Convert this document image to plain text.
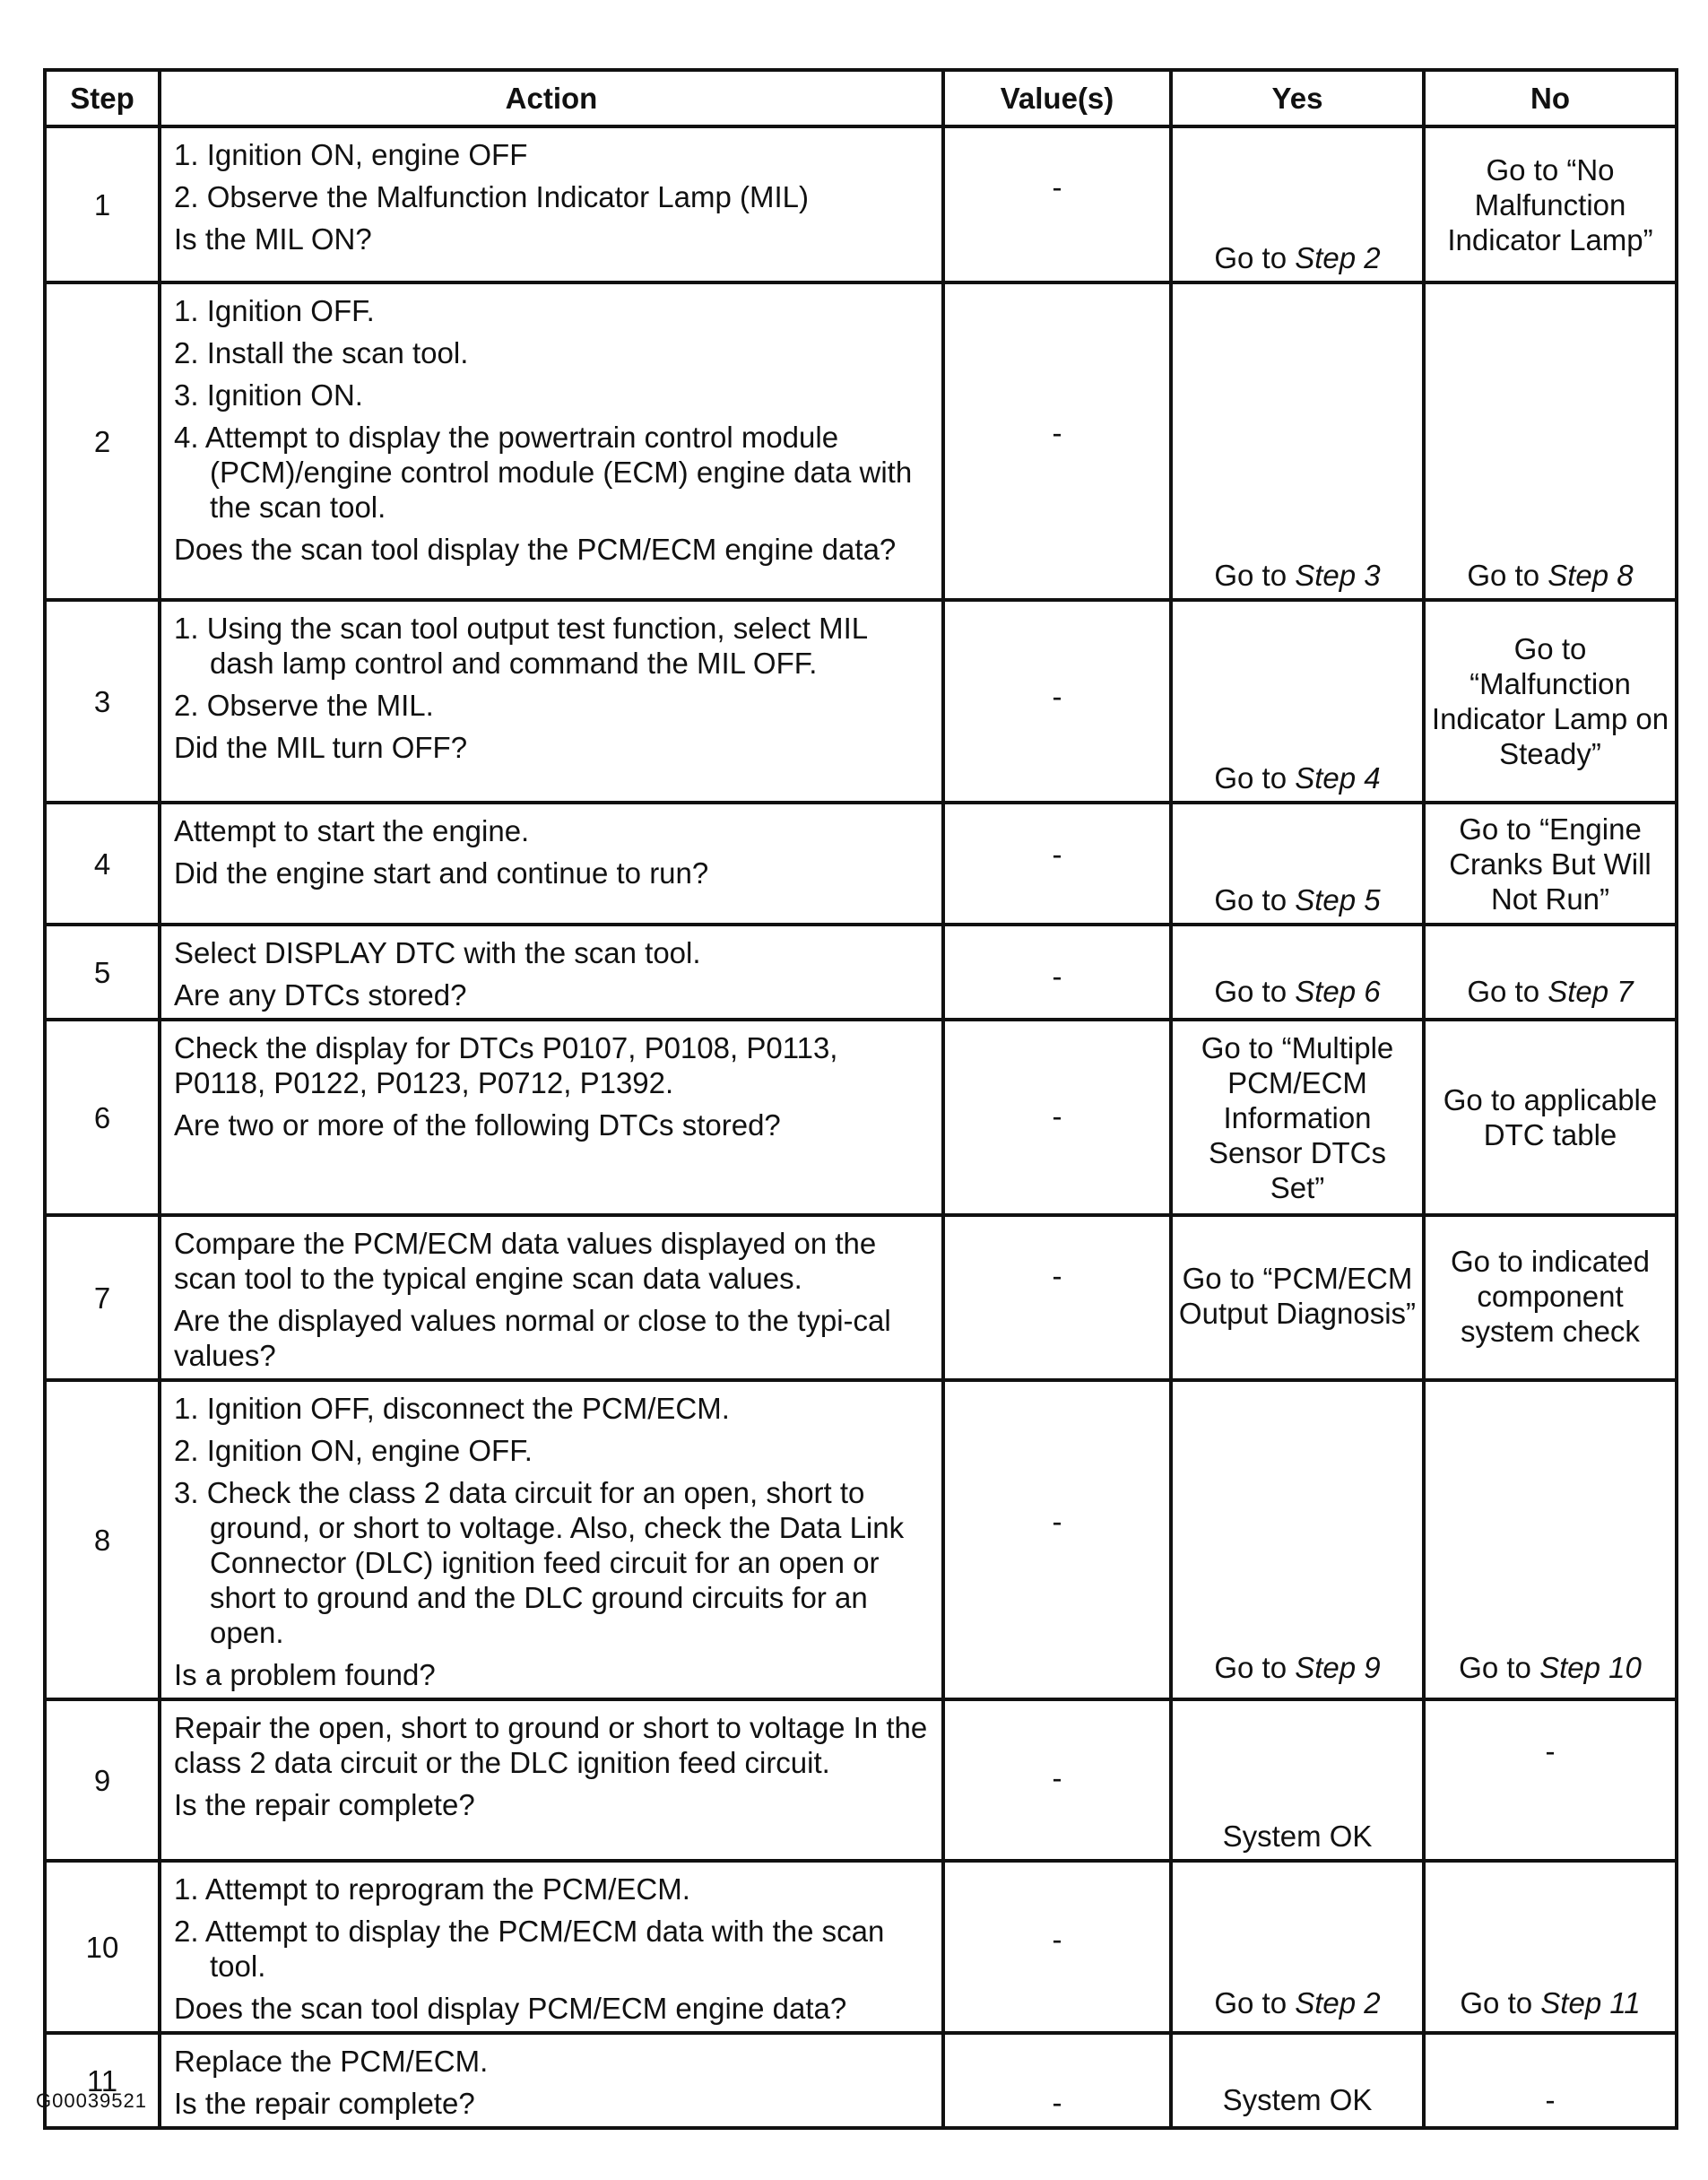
Step	Action	Value(s)	Yes	No
1	1. Ignition ON, engine OFF
2. Observe the Malfunction Indicator Lamp (MIL)
Is the MIL ON?	-	Go to Step 2	Go to “No Malfunction Indicator Lamp”

2	1. Ignition OFF.
2. Install the scan tool.
3. Ignition ON.
4. Attempt to display the powertrain control module (PCM)/engine control module (ECM) engine data with the scan tool.
Does the scan tool display the PCM/ECM engine data?	-	Go to Step 3	Go to Step 8

3	1. Using the scan tool output test function, select MIL dash lamp control and command the MIL OFF.
2. Observe the MIL.
Did the MIL turn OFF?	-	Go to Step 4	Go to “Malfunction Indicator Lamp on Steady”

4	Attempt to start the engine.
Did the engine start and continue to run?	-	Go to Step 5	Go to “Engine Cranks But Will Not Run”

5	Select DISPLAY DTC with the scan tool.
Are any DTCs stored?	-	Go to Step 6	Go to Step 7

6	Check the display for DTCs P0107, P0108, P0113, P0118, P0122, P0123, P0712, P1392.
Are two or more of the following DTCs stored?	-	Go to “Multiple PCM/ECM Information Sensor DTCs Set”	Go to applicable DTC table

7	Compare the PCM/ECM data values displayed on the scan tool to the typical engine scan data values.
Are the displayed values normal or close to the typi-cal values?	-	Go to “PCM/ECM Output Diagnosis”	Go to indicated component system check

8	1. Ignition OFF, disconnect the PCM/ECM.
2. Ignition ON, engine OFF.
3. Check the class 2 data circuit for an open, short to ground, or short to voltage. Also, check the Data Link Connector (DLC) ignition feed circuit for an open or short to ground and the DLC ground circuits for an open.
Is a problem found?	-	Go to Step 9	Go to Step 10

9	Repair the open, short to ground or short to voltage In the class 2 data circuit or the DLC ignition feed circuit.
Is the repair complete?	-	System OK	-

10	1. Attempt to reprogram the PCM/ECM.
2. Attempt to display the PCM/ECM data with the scan tool.
Does the scan tool display PCM/ECM engine data?	-	Go to Step 2	Go to Step 11

11	Replace the PCM/ECM.
Is the repair complete?	-	System OK	-
G00039521
